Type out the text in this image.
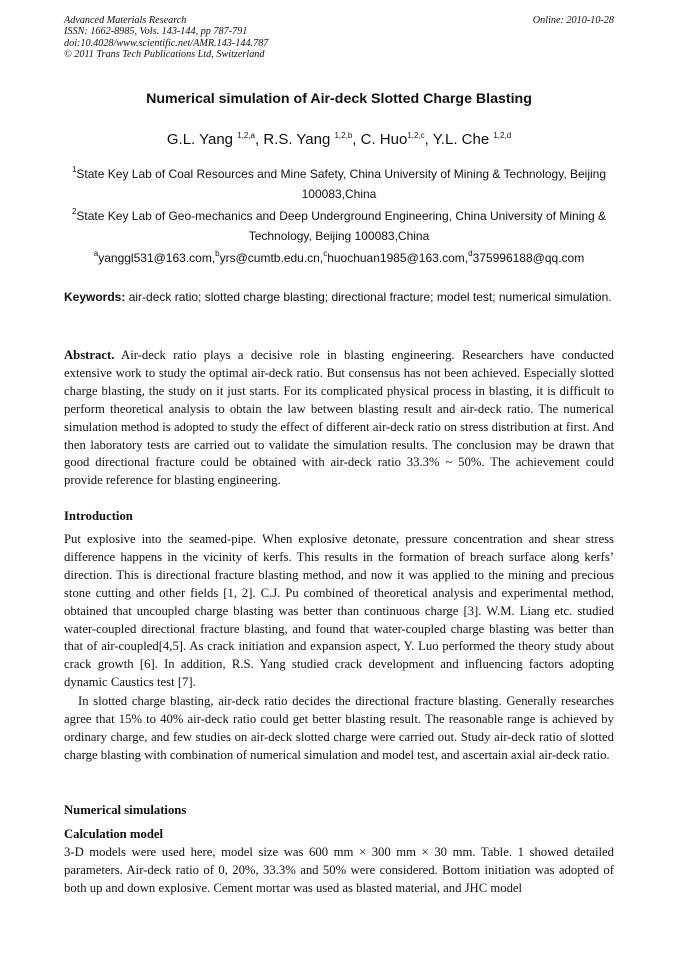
Advanced Materials Research
ISSN: 1662-8985, Vols. 143-144, pp 787-791
doi:10.4028/www.scientific.net/AMR.143-144.787
© 2011 Trans Tech Publications Ltd, Switzerland
Online: 2010-10-28
Numerical simulation of Air-deck Slotted Charge Blasting
G.L. Yang $^{1,2,a}$, R.S. Yang $^{1,2,b}$, C. Huo$^{1,2,c}$, Y.L. Che $^{1,2,d}$
$^1$State Key Lab of Coal Resources and Mine Safety, China University of Mining & Technology, Beijing 100083,China
$^2$State Key Lab of Geo-mechanics and Deep Underground Engineering, China University of Mining & Technology, Beijing 100083,China
$^a$yanggl531@163.com,$^b$yrs@cumtb.edu.cn,$^c$huochuan1985@163.com,$^d$375996188@qq.com
Keywords: air-deck ratio; slotted charge blasting; directional fracture; model test; numerical simulation.
Abstract. Air-deck ratio plays a decisive role in blasting engineering. Researchers have conducted extensive work to study the optimal air-deck ratio. But consensus has not been achieved. Especially slotted charge blasting, the study on it just starts. For its complicated physical process in blasting, it is difficult to perform theoretical analysis to obtain the law between blasting result and air-deck ratio. The numerical simulation method is adopted to study the effect of different air-deck ratio on stress distribution at first. And then laboratory tests are carried out to validate the simulation results. The conclusion may be drawn that good directional fracture could be obtained with air-deck ratio 33.3% ~ 50%. The achievement could provide reference for blasting engineering.
Introduction
Put explosive into the seamed-pipe. When explosive detonate, pressure concentration and shear stress difference happens in the vicinity of kerfs. This results in the formation of breach surface along kerfs’ direction. This is directional fracture blasting method, and now it was applied to the mining and precious stone cutting and other fields [1, 2]. C.J. Pu combined of theoretical analysis and experimental method, obtained that uncoupled charge blasting was better than continuous charge [3]. W.M. Liang etc. studied water-coupled directional fracture blasting, and found that water-coupled charge blasting was better than that of air-coupled[4,5]. As crack initiation and expansion aspect, Y. Luo performed the theory study about crack growth [6]. In addition, R.S. Yang studied crack development and influencing factors adopting dynamic Caustics test [7].
In slotted charge blasting, air-deck ratio decides the directional fracture blasting. Generally researches agree that 15% to 40% air-deck ratio could get better blasting result. The reasonable range is achieved by ordinary charge, and few studies on air-deck slotted charge were carried out. Study air-deck ratio of slotted charge blasting with combination of numerical simulation and model test, and ascertain axial air-deck ratio.
Numerical simulations
Calculation model
3-D models were used here, model size was 600 mm × 300 mm × 30 mm. Table. 1 showed detailed parameters. Air-deck ratio of 0, 20%, 33.3% and 50% were considered. Bottom initiation was adopted of both up and down explosive. Cement mortar was used as blasted material, and JHC model
